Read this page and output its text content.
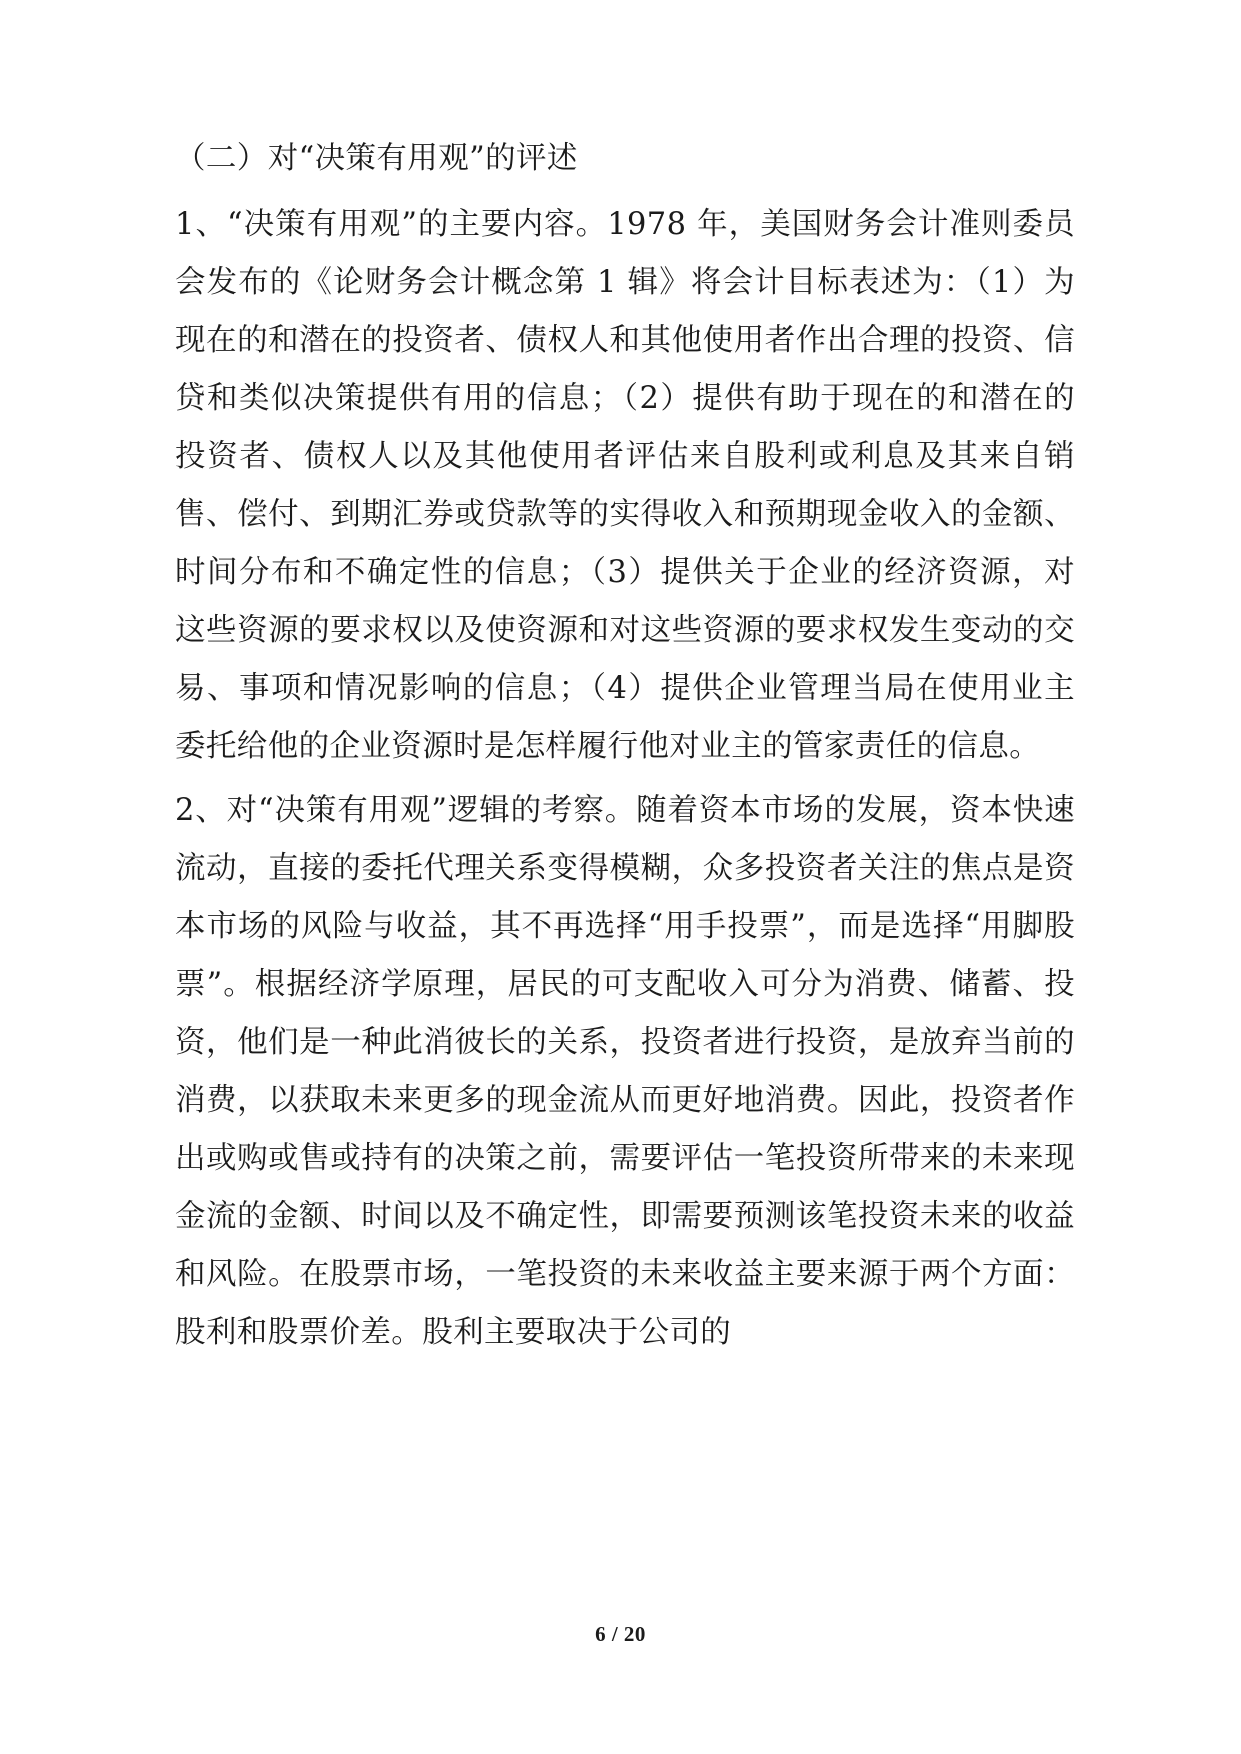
（二）对“决策有用观”的评述

1、“决策有用观”的主要内容。1978 年，美国财务会计准则委员会发布的《论财务会计概念第 1 辑》将会计目标表述为：（1）为现在的和潜在的投资者、债权人和其他使用者作出合理的投资、信贷和类似决策提供有用的信息；（2）提供有助于现在的和潜在的投资者、债权人以及其他使用者评估来自股利或利息及其来自销售、偿付、到期汇券或贷款等的实得收入和预期现金收入的金额、时间分布和不确定性的信息；（3）提供关于企业的经济资源，对这些资源的要求权以及使资源和对这些资源的要求权发生变动的交易、事项和情况影响的信息；（4）提供企业管理当局在使用业主委托给他的企业资源时是怎样履行他对业主的管家责任的信息。

2、对“决策有用观”逻辑的考察。随着资本市场的发展，资本快速流动，直接的委托代理关系变得模糊，众多投资者关注的焦点是资本市场的风险与收益，其不再选择“用手投票”，而是选择“用脚股票”。根据经济学原理，居民的可支配收入可分为消费、储蓄、投资，他们是一种此消彼长的关系，投资者进行投资，是放弃当前的消费，以获取未来更多的现金流从而更好地消费。因此，投资者作出或购或售或持有的决策之前，需要评估一笔投资所带来的未来现金流的金额、时间以及不确定性，即需要预测该笔投资未来的收益和风险。在股票市场，一笔投资的未来收益主要来源于两个方面：股利和股票价差。股利主要取决于公司的

6 / 20
